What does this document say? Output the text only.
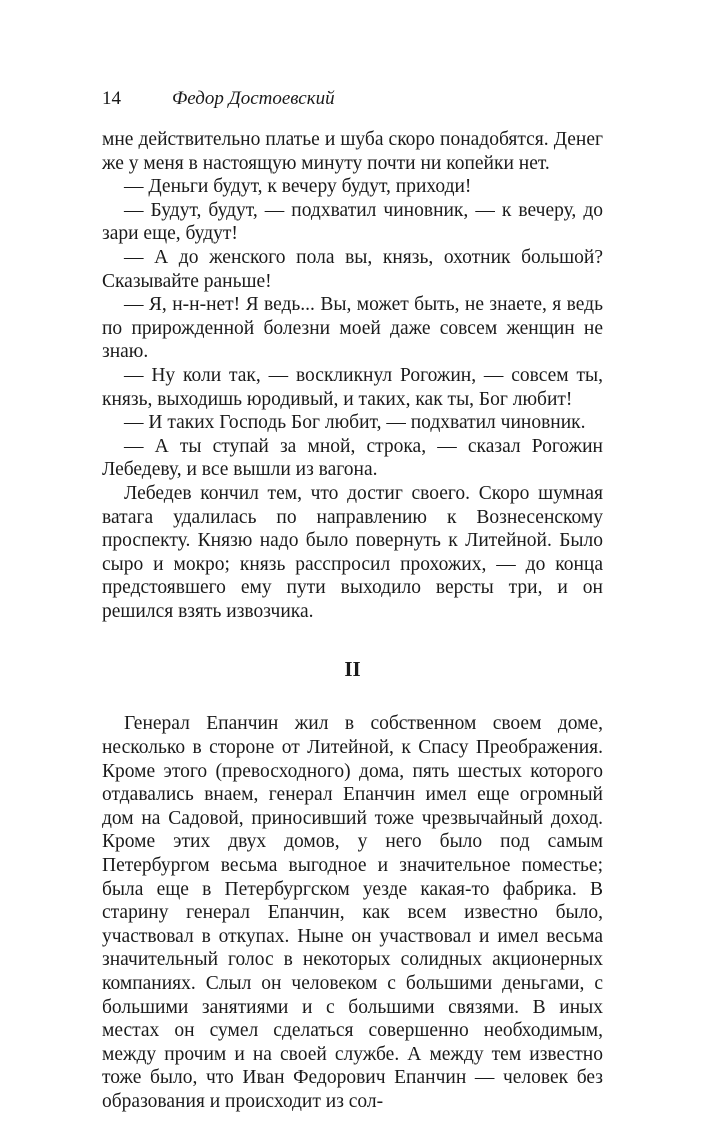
14	Федор Достоевский

мне действительно платье и шуба скоро понадобятся. Денег же у меня в настоящую минуту почти ни копейки нет.

— Деньги будут, к вечеру будут, приходи!

— Будут, будут, — подхватил чиновник, — к вечеру, до зари еще, будут!

— А до женского пола вы, князь, охотник большой? Сказывайте раньше!

— Я, н-н-нет! Я ведь... Вы, может быть, не знаете, я ведь по прирожденной болезни моей даже совсем женщин не знаю.

— Ну коли так, — воскликнул Рогожин, — совсем ты, князь, выходишь юродивый, и таких, как ты, Бог любит!

— И таких Господь Бог любит, — подхватил чиновник.

— А ты ступай за мной, строка, — сказал Рогожин Лебедеву, и все вышли из вагона.

Лебедев кончил тем, что достиг своего. Скоро шумная ватага удалилась по направлению к Вознесенскому проспекту. Князю надо было повернуть к Литейной. Было сыро и мокро; князь расспросил прохожих, — до конца предстоявшего ему пути выходило версты три, и он решился взять извозчика.

II

Генерал Епанчин жил в собственном своем доме, несколько в стороне от Литейной, к Спасу Преображения. Кроме этого (превосходного) дома, пять шестых которого отдавались внаем, генерал Епанчин имел еще огромный дом на Садовой, приносивший тоже чрезвычайный доход. Кроме этих двух домов, у него было под самым Петербургом весьма выгодное и значительное поместье; была еще в Петербургском уезде какая-то фабрика. В старину генерал Епанчин, как всем известно было, участвовал в откупах. Ныне он участвовал и имел весьма значительный голос в некоторых солидных акционерных компаниях. Слыл он человеком с большими деньгами, с большими занятиями и с большими связями. В иных местах он сумел сделаться совершенно необходимым, между прочим и на своей службе. А между тем известно тоже было, что Иван Федорович Епанчин — человек без образования и происходит из сол-
